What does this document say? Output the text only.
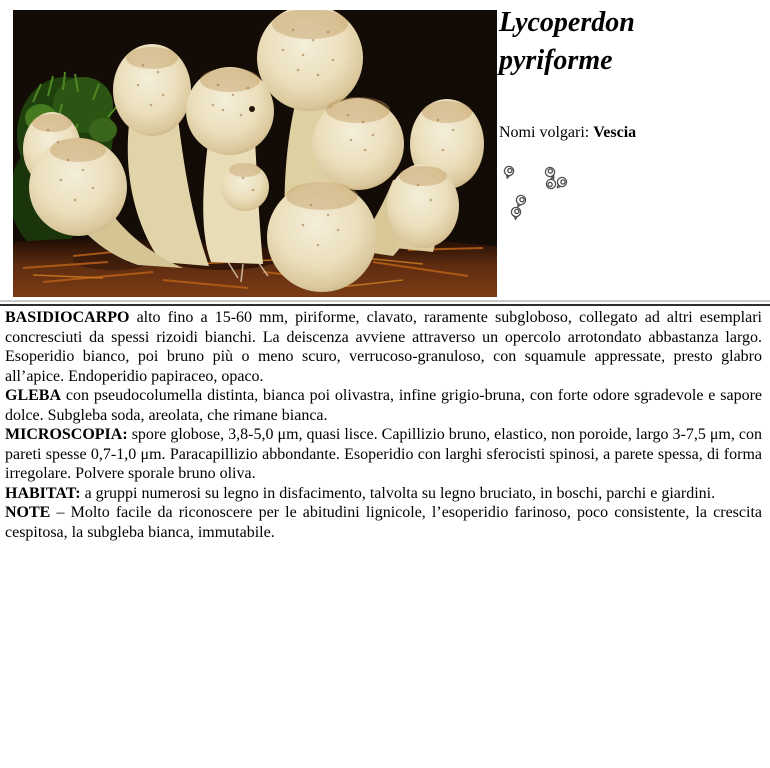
Lycoperdon pyriforme

Nomi volgari: Vescia

BASIDIOCARPO alto fino a 15-60 mm, piriforme, clavato, raramente subgloboso, collegato ad altri esemplari concresciuti da spessi rizoidi bianchi. La deiscenza avviene attraverso un opercolo arrotondato abbastanza largo. Esoperidio bianco, poi bruno più o meno scuro, verrucoso-granuloso, con squamule appressate, presto glabro all’apice. Endoperidio papiraceo, opaco.

GLEBA con pseudocolumella distinta, bianca poi olivastra, infine grigio-bruna, con forte odore sgradevole e sapore dolce. Subgleba soda, areolata, che rimane bianca.

MICROSCOPIA: spore globose, 3,8-5,0 μm, quasi lisce. Capillizio bruno, elastico, non poroide, largo 3-7,5 μm, con pareti spesse 0,7-1,0 μm. Paracapillizio abbondante. Esoperidio con larghi sferocisti spinosi, a parete spessa, di forma irregolare. Polvere sporale bruno oliva.

HABITAT: a gruppi numerosi su legno in disfacimento, talvolta su legno bruciato, in boschi, parchi e giardini.

NOTE – Molto facile da riconoscere per le abitudini lignicole, l’esoperidio farinoso, poco consistente, la crescita cespitosa, la subgleba bianca, immutabile.
